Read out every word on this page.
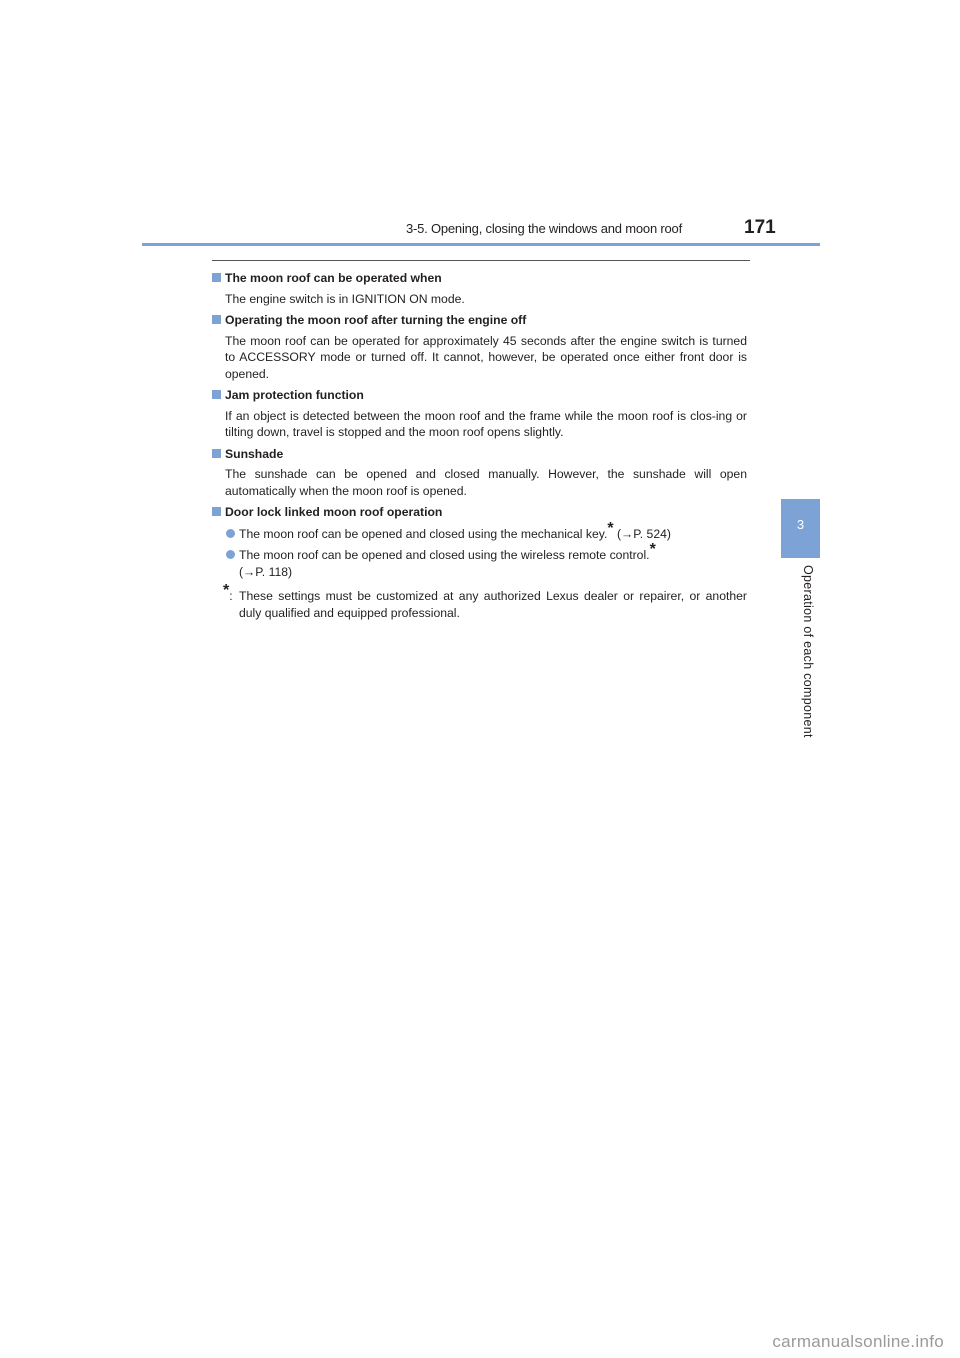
3-5. Opening, closing the windows and moon roof	171
3
Operation of each component
The moon roof can be operated when
The engine switch is in IGNITION ON mode.
Operating the moon roof after turning the engine off
The moon roof can be operated for approximately 45 seconds after the engine switch is turned to ACCESSORY mode or turned off. It cannot, however, be operated once either front door is opened.
Jam protection function
If an object is detected between the moon roof and the frame while the moon roof is clos-ing or tilting down, travel is stopped and the moon roof opens slightly.
Sunshade
The sunshade can be opened and closed manually. However, the sunshade will open automatically when the moon roof is opened.
Door lock linked moon roof operation
The moon roof can be opened and closed using the mechanical key.* (→P. 524)
The moon roof can be opened and closed using the wireless remote control.*
(→P. 118)
*: These settings must be customized at any authorized Lexus dealer or repairer, or another duly qualified and equipped professional.
carmanualsonline.info
